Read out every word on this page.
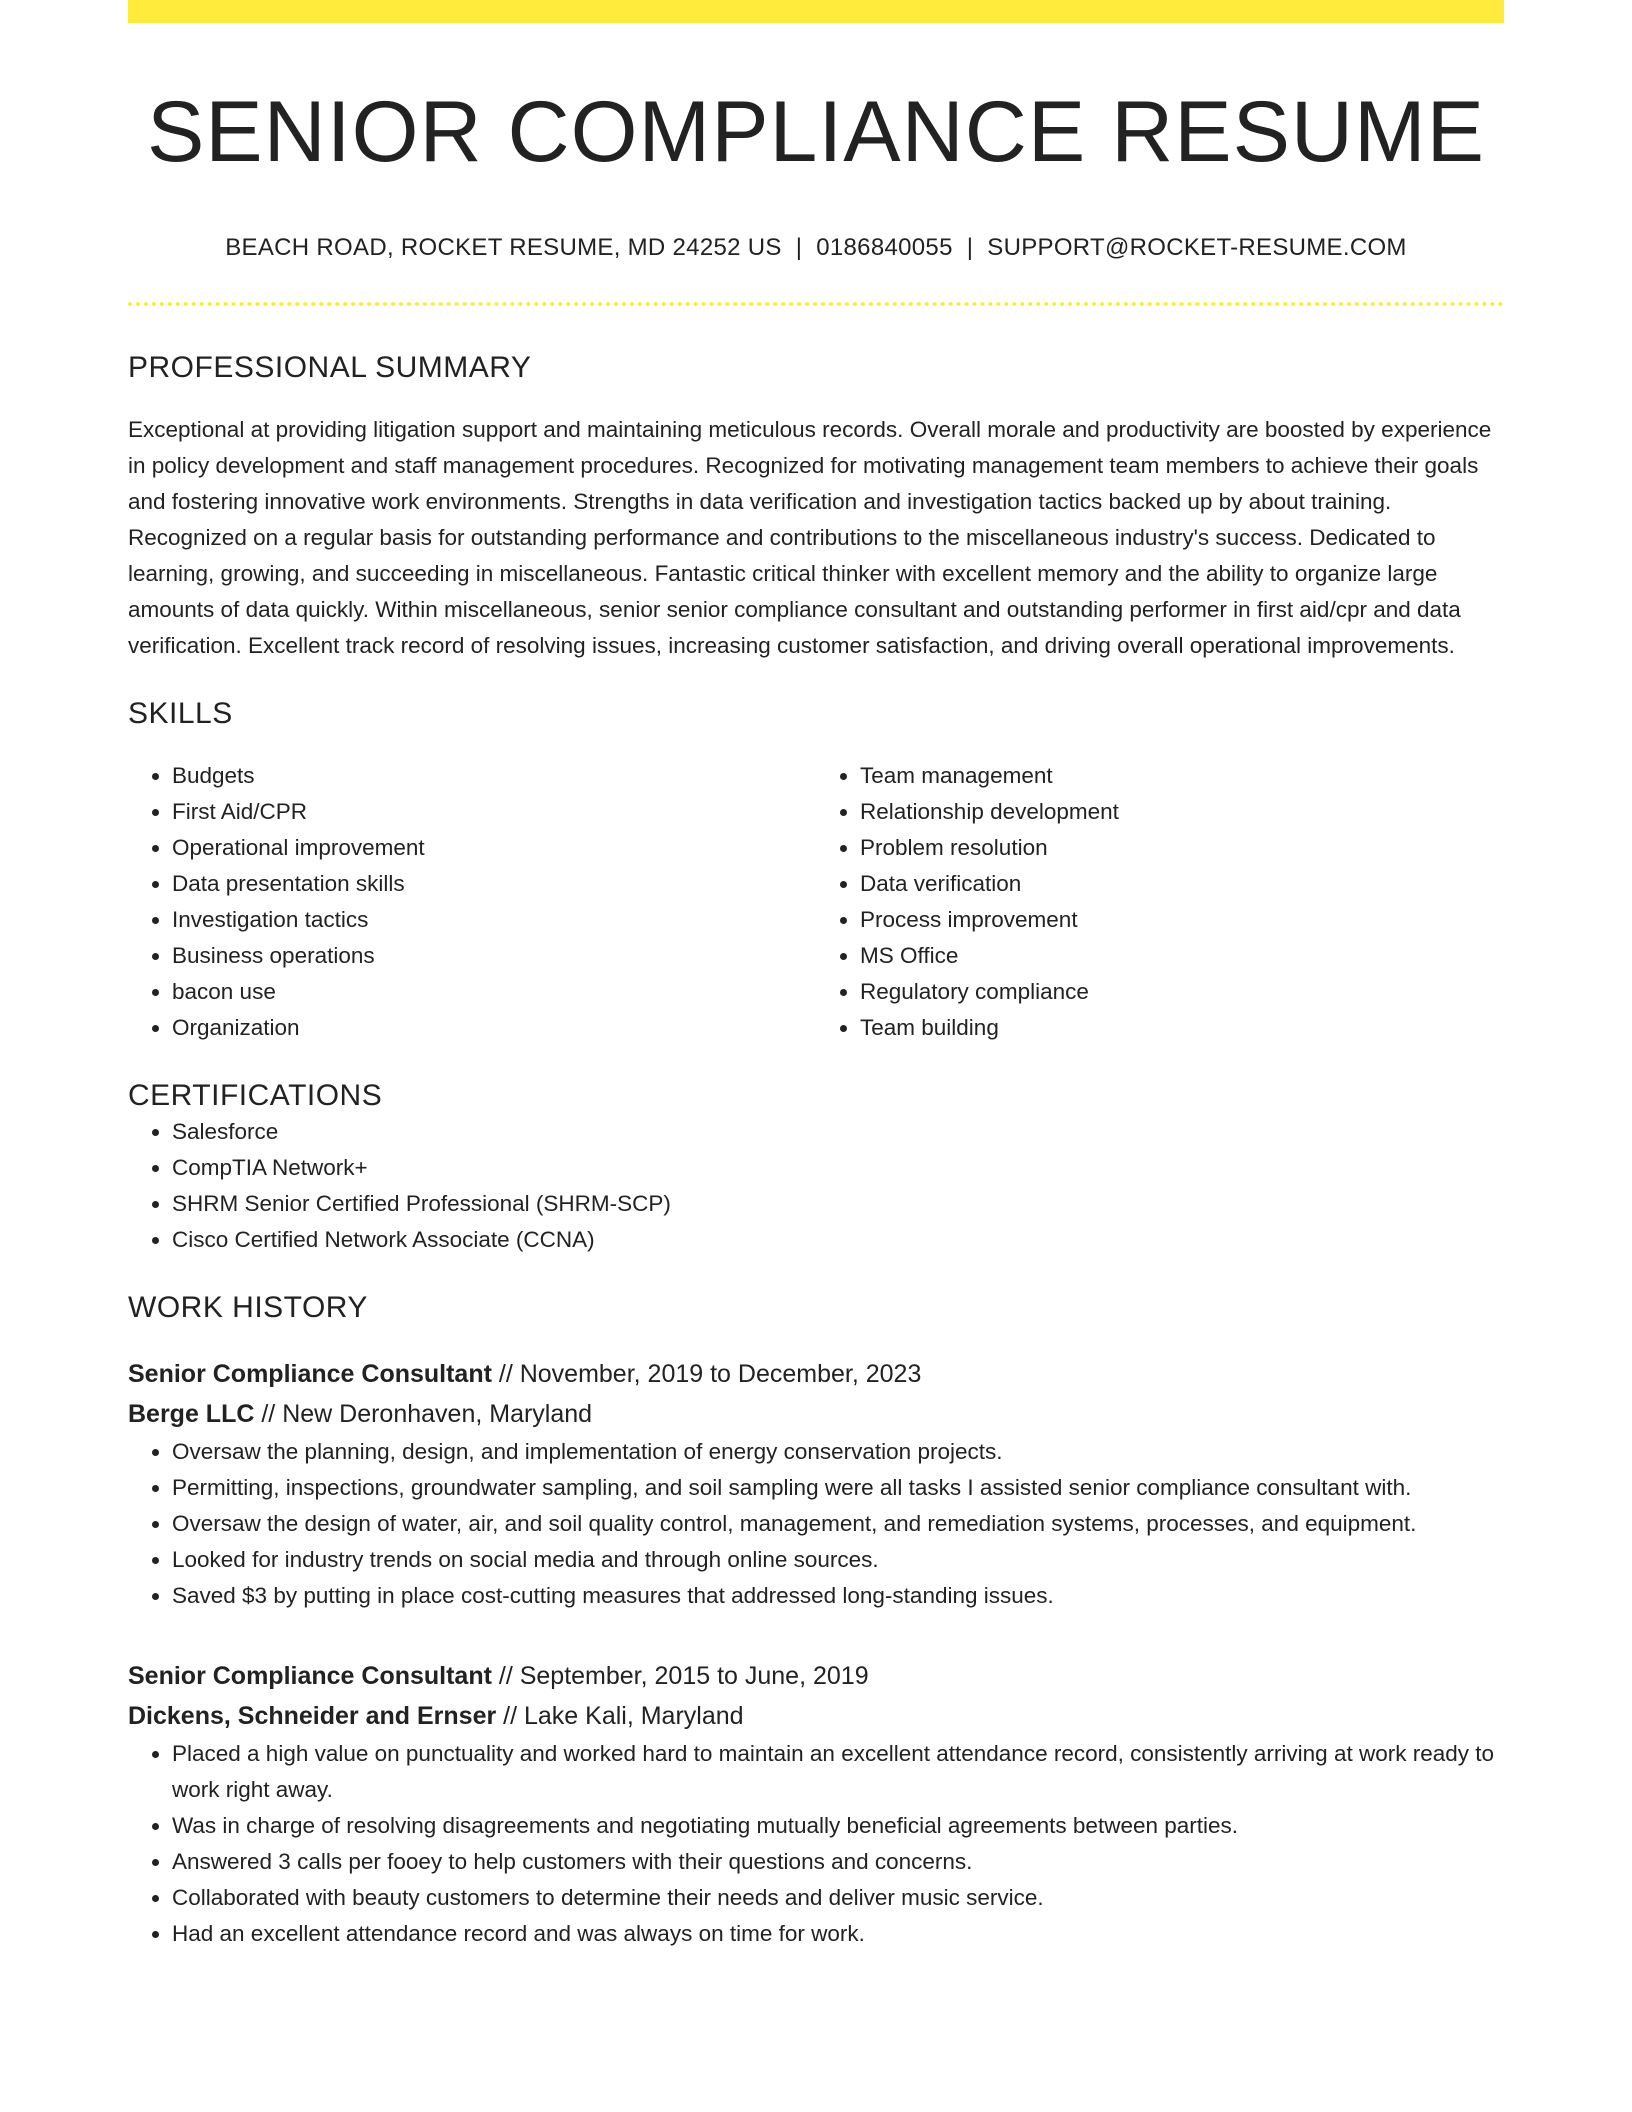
SENIOR COMPLIANCE RESUME
BEACH ROAD, ROCKET RESUME, MD 24252 US | 0186840055 | SUPPORT@ROCKET-RESUME.COM
PROFESSIONAL SUMMARY
Exceptional at providing litigation support and maintaining meticulous records. Overall morale and productivity are boosted by experience in policy development and staff management procedures. Recognized for motivating management team members to achieve their goals and fostering innovative work environments. Strengths in data verification and investigation tactics backed up by about training. Recognized on a regular basis for outstanding performance and contributions to the miscellaneous industry's success. Dedicated to learning, growing, and succeeding in miscellaneous. Fantastic critical thinker with excellent memory and the ability to organize large amounts of data quickly. Within miscellaneous, senior senior compliance consultant and outstanding performer in first aid/cpr and data verification. Excellent track record of resolving issues, increasing customer satisfaction, and driving overall operational improvements.
SKILLS
• Budgets
• First Aid/CPR
• Operational improvement
• Data presentation skills
• Investigation tactics
• Business operations
• bacon use
• Organization
• Team management
• Relationship development
• Problem resolution
• Data verification
• Process improvement
• MS Office
• Regulatory compliance
• Team building
CERTIFICATIONS
• Salesforce
• CompTIA Network+
• SHRM Senior Certified Professional (SHRM-SCP)
• Cisco Certified Network Associate (CCNA)
WORK HISTORY
Senior Compliance Consultant // November, 2019 to December, 2023
Berge LLC // New Deronhaven, Maryland
• Oversaw the planning, design, and implementation of energy conservation projects.
• Permitting, inspections, groundwater sampling, and soil sampling were all tasks I assisted senior compliance consultant with.
• Oversaw the design of water, air, and soil quality control, management, and remediation systems, processes, and equipment.
• Looked for industry trends on social media and through online sources.
• Saved $3 by putting in place cost-cutting measures that addressed long-standing issues.
Senior Compliance Consultant // September, 2015 to June, 2019
Dickens, Schneider and Ernser // Lake Kali, Maryland
• Placed a high value on punctuality and worked hard to maintain an excellent attendance record, consistently arriving at work ready to work right away.
• Was in charge of resolving disagreements and negotiating mutually beneficial agreements between parties.
• Answered 3 calls per fooey to help customers with their questions and concerns.
• Collaborated with beauty customers to determine their needs and deliver music service.
• Had an excellent attendance record and was always on time for work.
